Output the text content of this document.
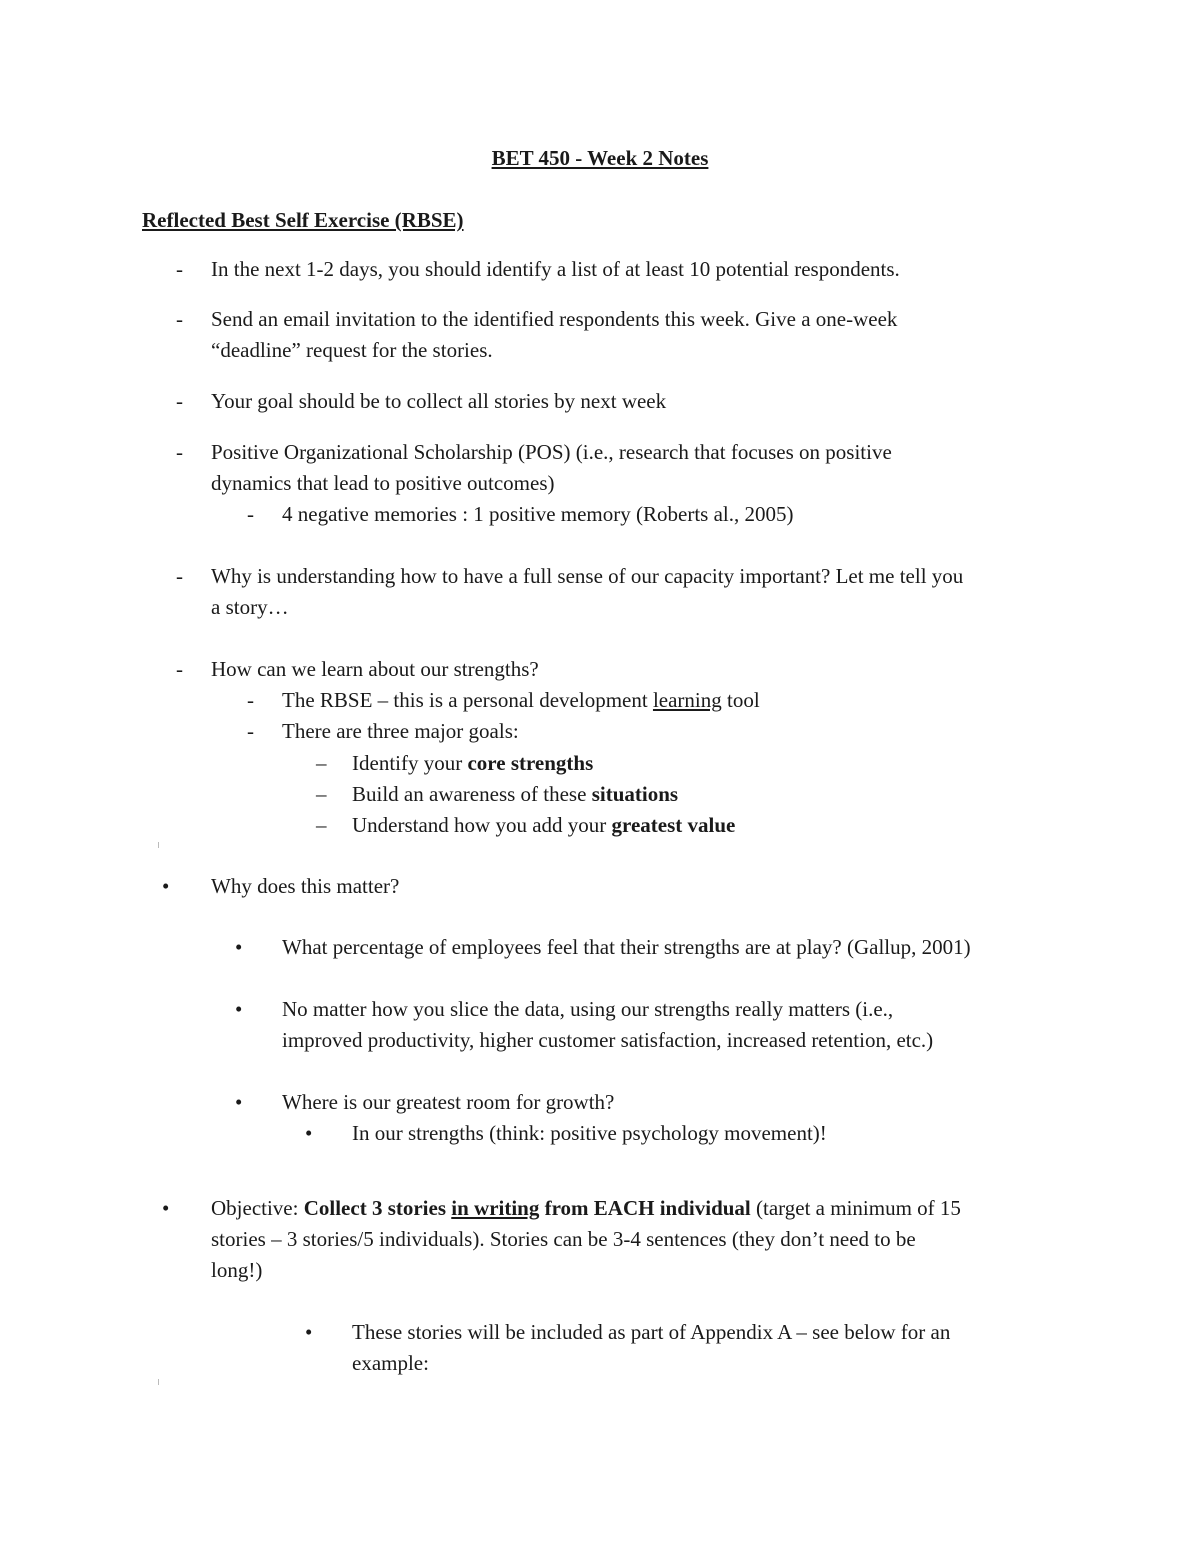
BET 450 - Week 2 Notes
Reflected Best Self Exercise (RBSE)
- In the next 1-2 days, you should identify a list of at least 10 potential respondents.
- Send an email invitation to the identified respondents this week. Give a one-week
“deadline” request for the stories.
- Your goal should be to collect all stories by next week
- Positive Organizational Scholarship (POS) (i.e., research that focuses on positive
dynamics that lead to positive outcomes)
- 4 negative memories : 1 positive memory (Roberts al., 2005)
- Why is understanding how to have a full sense of our capacity important? Let me tell you
a story…
- How can we learn about our strengths?
- The RBSE – this is a personal development learning tool
- There are three major goals:
– Identify your core strengths
– Build an awareness of these situations
– Understand how you add your greatest value
• Why does this matter?
• What percentage of employees feel that their strengths are at play? (Gallup, 2001)
• No matter how you slice the data, using our strengths really matters (i.e.,
improved productivity, higher customer satisfaction, increased retention, etc.)
• Where is our greatest room for growth?
• In our strengths (think: positive psychology movement)!
• Objective: Collect 3 stories in writing from EACH individual (target a minimum of 15
stories – 3 stories/5 individuals). Stories can be 3-4 sentences (they don’t need to be
long!)
• These stories will be included as part of Appendix A – see below for an
example:
